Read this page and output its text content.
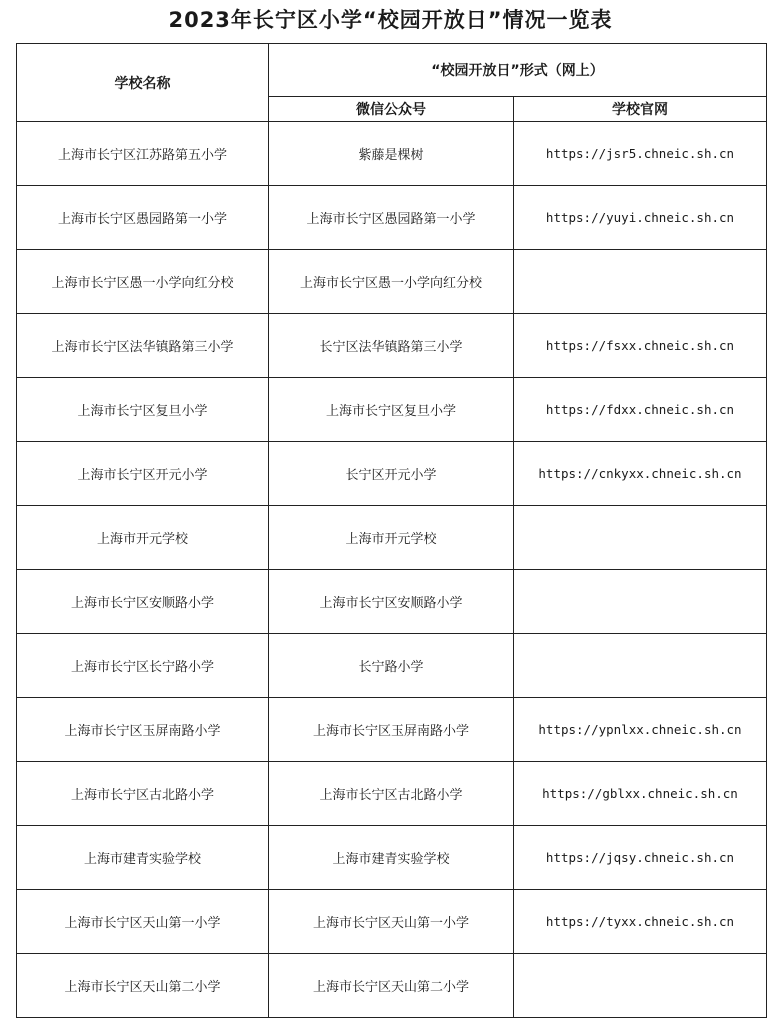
2023年长宁区小学“校园开放日”情况一览表
学校名称	“校园开放日”形式（网上）	
	微信公众号	学校官网
上海市长宁区江苏路第五小学	紫藤是棵树	https://jsr5.chneic.sh.cn
上海市长宁区愚园路第一小学	上海市长宁区愚园路第一小学	https://yuyi.chneic.sh.cn
上海市长宁区愚一小学向红分校	上海市长宁区愚一小学向红分校	
上海市长宁区法华镇路第三小学	长宁区法华镇路第三小学	https://fsxx.chneic.sh.cn
上海市长宁区复旦小学	上海市长宁区复旦小学	https://fdxx.chneic.sh.cn
上海市长宁区开元小学	长宁区开元小学	https://cnkyxx.chneic.sh.cn
上海市开元学校	上海市开元学校	
上海市长宁区安顺路小学	上海市长宁区安顺路小学	
上海市长宁区长宁路小学	长宁路小学	
上海市长宁区玉屏南路小学	上海市长宁区玉屏南路小学	https://ypnlxx.chneic.sh.cn
上海市长宁区古北路小学	上海市长宁区古北路小学	https://gblxx.chneic.sh.cn
上海市建青实验学校	上海市建青实验学校	https://jqsy.chneic.sh.cn
上海市长宁区天山第一小学	上海市长宁区天山第一小学	https://tyxx.chneic.sh.cn
上海市长宁区天山第二小学	上海市长宁区天山第二小学	
